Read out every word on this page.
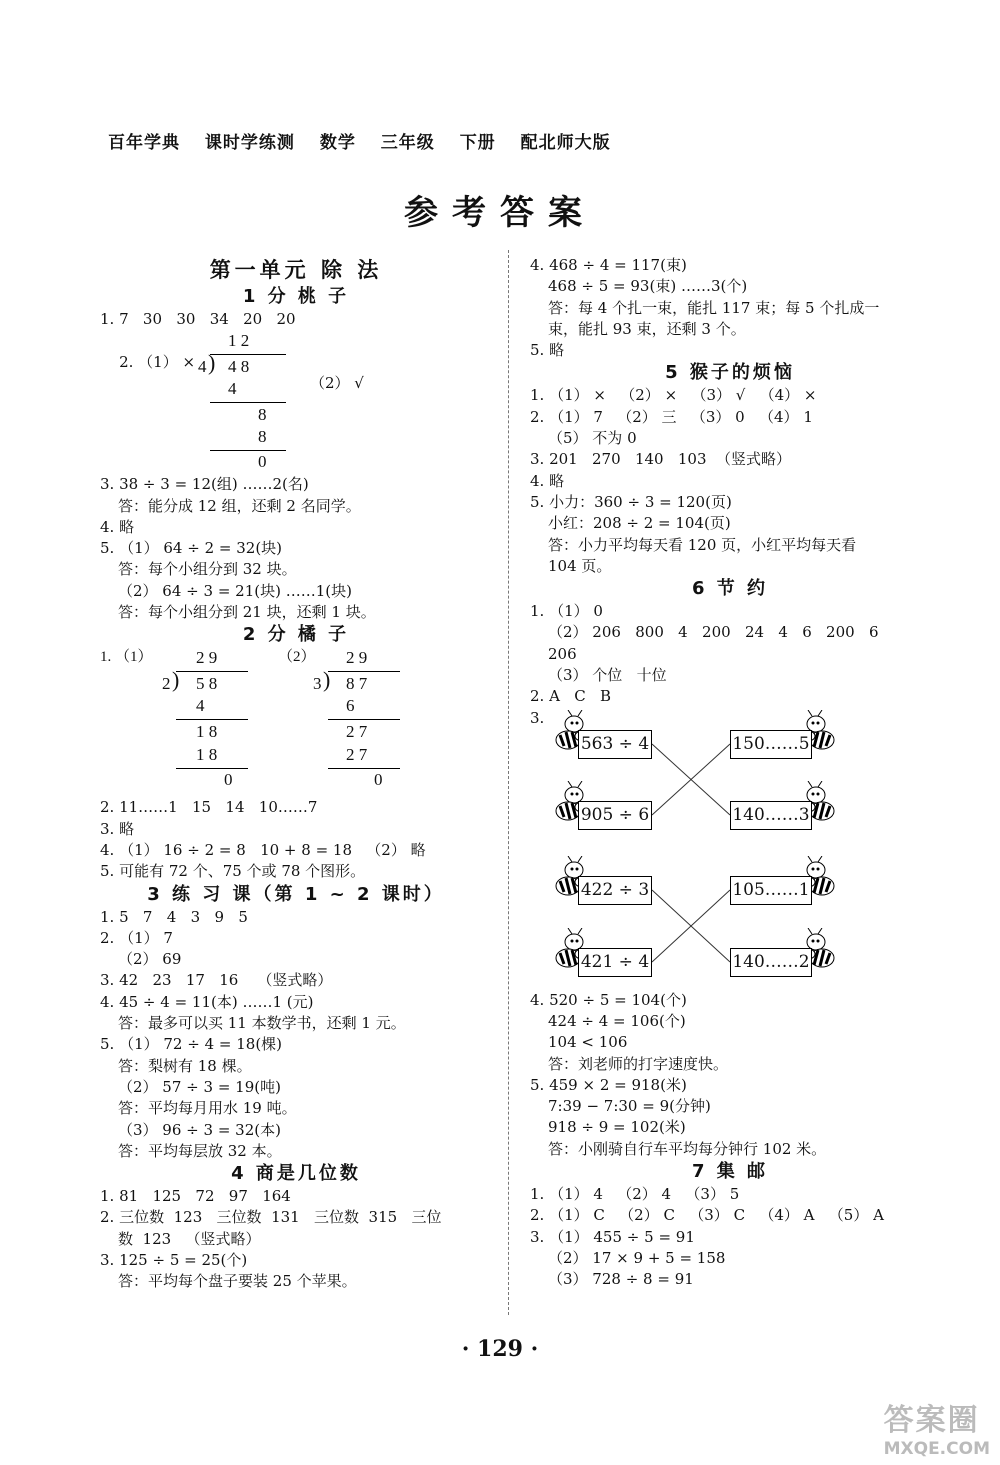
百年学典 课时学练测 数学 三年级 下册 配北师大版
参考答案
第一单元 除 法
1 分 桃 子
1. 7   30   30   34   20   20

2. （1） ×

（2） √

1 2
4 ) 4 8
4
8
8
0
3. 38 ÷ 3 = 12(组) ……2(名)
答：能分成 12 组，还剩 2 名同学。
4. 略
5. （1） 64 ÷ 2 = 32(块)
答：每个小组分到 32 块。
（2） 64 ÷ 3 = 21(块) ……1(块)
答：每个小组分到 21 块，还剩 1 块。
2 分 橘 子
1. （1）	（2）
2 9
2 ) 5 8
4
1 8
1 8
0
2 9
3 ) 8 7
6
2 7
2 7
0
2. 11……1   15   14   10……7
3. 略
4. （1） 16 ÷ 2 = 8   10 + 8 = 18   （2） 略
5. 可能有 72 个、75 个或 78 个图形。
3 练 习 课（第 1 ~ 2 课时）
1. 5   7   4   3   9   5
2. （1） 7
（2） 69
3. 42   23   17   16    （竖式略）
4. 45 ÷ 4 = 11(本) ……1 (元)
答：最多可以买 11 本数学书，还剩 1 元。
5. （1） 72 ÷ 4 = 18(棵)
答：梨树有 18 棵。
（2） 57 ÷ 3 = 19(吨)
答：平均每月用水 19 吨。
（3） 96 ÷ 3 = 32(本)
答：平均每层放 32 本。
4 商是几位数
1. 81   125   72   97   164
2. 三位数  123   三位数  131   三位数  315   三位
数  123   （竖式略）
3. 125 ÷ 5 = 25(个)
答：平均每个盘子要装 25 个苹果。
4. 468 ÷ 4 = 117(束)
468 ÷ 5 = 93(束) ……3(个)
答：每 4 个扎一束，能扎 117 束；每 5 个扎成一
束，能扎 93 束，还剩 3 个。
5. 略
5 猴子的烦恼
1. （1） ×   （2） ×   （3） √   （4） ×
2. （1） 7   （2） 三   （3） 0   （4） 1
（5） 不为 0
3. 201   270   140   103  （竖式略）
4. 略
5. 小力：360 ÷ 3 = 120(页)
小红：208 ÷ 2 = 104(页)
答：小力平均每天看 120 页，小红平均每天看
104 页。
6 节 约
1. （1） 0
（2） 206   800   4   200   24   4   6   200   6
206
（3） 个位   十位
2. A   C   B
3.
563 ÷ 4
905 ÷ 6
422 ÷ 3
421 ÷ 4
150……5
140……3
105……1
140……2
4. 520 ÷ 5 = 104(个)
424 ÷ 4 = 106(个)
104 < 106
答：刘老师的打字速度快。
5. 459 × 2 = 918(米)
7:39 − 7:30 = 9(分钟)
918 ÷ 9 = 102(米)
答：小刚骑自行车平均每分钟行 102 米。
7 集 邮
1. （1） 4   （2） 4   （3） 5
2. （1） C   （2） C   （3） C   （4） A   （5） A
3. （1） 455 ÷ 5 = 91
（2） 17 × 9 + 5 = 158
（3） 728 ÷ 8 = 91
· 129 ·
答案圈
MXQE.COM
